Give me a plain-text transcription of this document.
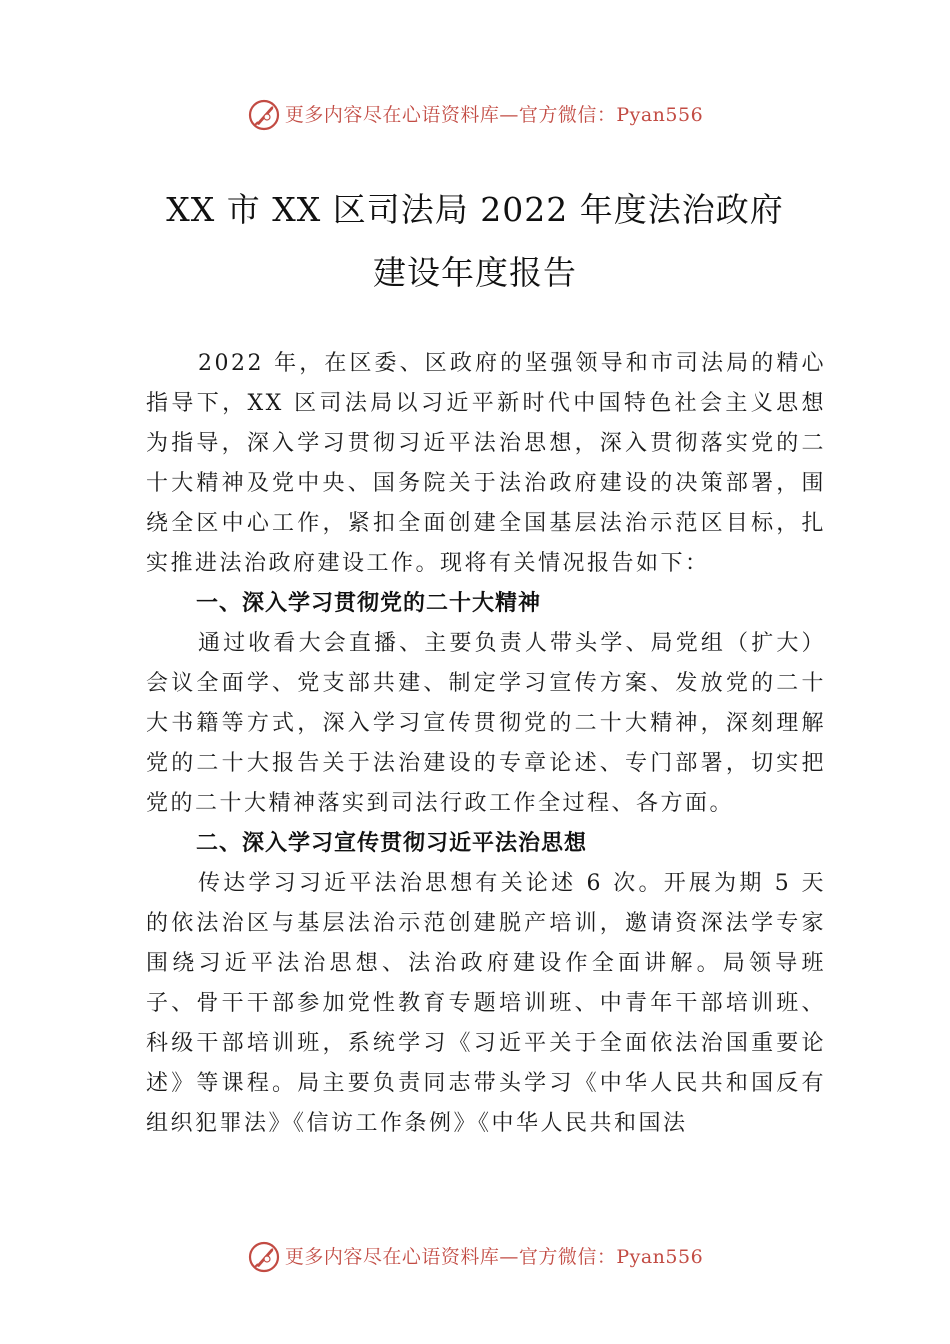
更多内容尽在心语资料库—官方微信：Pyan556
XX 市 XX 区司法局 2022 年度法治政府
建设年度报告

2022 年，在区委、区政府的坚强领导和市司法局的精心指导下，XX 区司法局以习近平新时代中国特色社会主义思想为指导，深入学习贯彻习近平法治思想，深入贯彻落实党的二十大精神及党中央、国务院关于法治政府建设的决策部署，围绕全区中心工作，紧扣全面创建全国基层法治示范区目标，扎实推进法治政府建设工作。现将有关情况报告如下：

一、深入学习贯彻党的二十大精神

通过收看大会直播、主要负责人带头学、局党组（扩大）会议全面学、党支部共建、制定学习宣传方案、发放党的二十大书籍等方式，深入学习宣传贯彻党的二十大精神，深刻理解党的二十大报告关于法治建设的专章论述、专门部署，切实把党的二十大精神落实到司法行政工作全过程、各方面。

二、深入学习宣传贯彻习近平法治思想

传达学习习近平法治思想有关论述 6 次。开展为期 5 天的依法治区与基层法治示范创建脱产培训，邀请资深法学专家围绕习近平法治思想、法治政府建设作全面讲解。局领导班子、骨干干部参加党性教育专题培训班、中青年干部培训班、科级干部培训班，系统学习《习近平关于全面依法治国重要论述》等课程。局主要负责同志带头学习《中华人民共和国反有组织犯罪法》《信访工作条例》《中华人民共和国法

更多内容尽在心语资料库—官方微信：Pyan556
